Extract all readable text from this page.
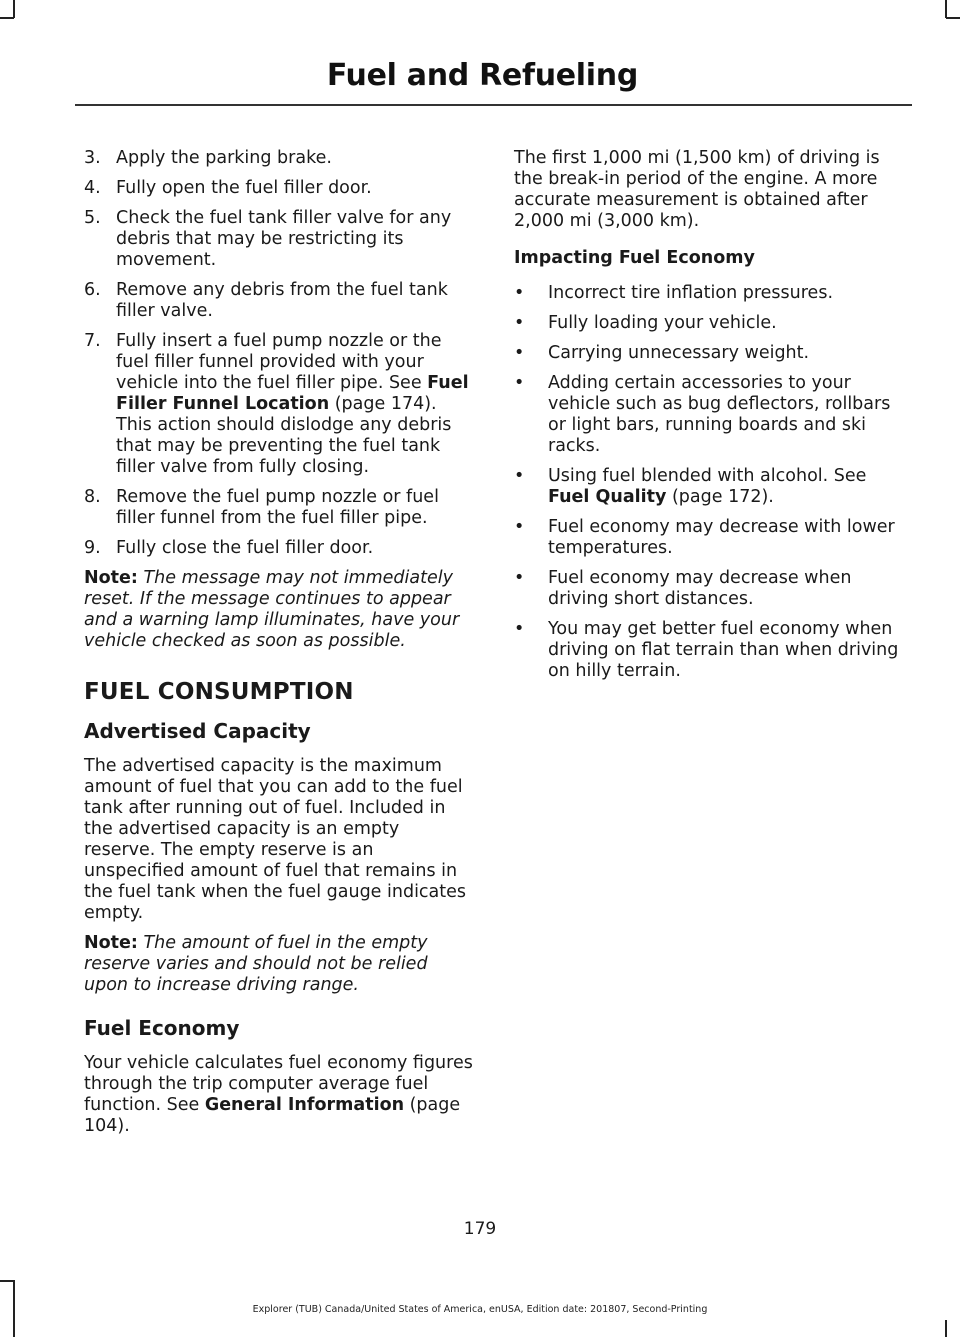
Fuel and Refueling
3. Apply the parking brake.
4. Fully open the fuel filler door.
5. Check the fuel tank filler valve for any debris that may be restricting its movement.
6. Remove any debris from the fuel tank filler valve.
7. Fully insert a fuel pump nozzle or the fuel filler funnel provided with your vehicle into the fuel filler pipe. See Fuel Filler Funnel Location (page 174). This action should dislodge any debris that may be preventing the fuel tank filler valve from fully closing.
8. Remove the fuel pump nozzle or fuel filler funnel from the fuel filler pipe.
9. Fully close the fuel filler door.

Note: The message may not immediately reset. If the message continues to appear and a warning lamp illuminates, have your vehicle checked as soon as possible.

FUEL CONSUMPTION
Advertised Capacity

The advertised capacity is the maximum amount of fuel that you can add to the fuel tank after running out of fuel. Included in the advertised capacity is an empty reserve. The empty reserve is an unspecified amount of fuel that remains in the fuel tank when the fuel gauge indicates empty.

Note: The amount of fuel in the empty reserve varies and should not be relied upon to increase driving range.

Fuel Economy

Your vehicle calculates fuel economy figures through the trip computer average fuel function. See General Information (page 104).

The first 1,000 mi (1,500 km) of driving is the break-in period of the engine. A more accurate measurement is obtained after 2,000 mi (3,000 km).

Impacting Fuel Economy
• Incorrect tire inflation pressures.
• Fully loading your vehicle.
• Carrying unnecessary weight.
• Adding certain accessories to your vehicle such as bug deflectors, rollbars or light bars, running boards and ski racks.
• Using fuel blended with alcohol. See Fuel Quality (page 172).
• Fuel economy may decrease with lower temperatures.
• Fuel economy may decrease when driving short distances.
• You may get better fuel economy when driving on flat terrain than when driving on hilly terrain.
179
Explorer (TUB) Canada/United States of America, enUSA, Edition date: 201807, Second-Printing
